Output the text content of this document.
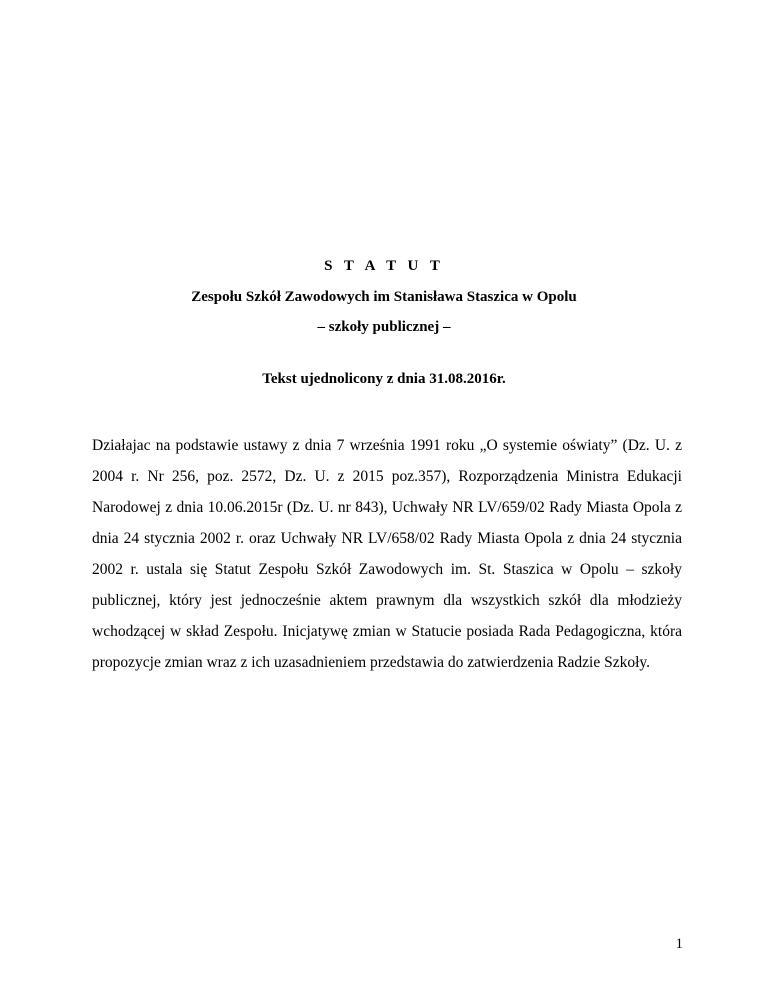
S T A T U T
Zespołu Szkół Zawodowych im Stanisława Staszica w Opolu
– szkoły publicznej –
Tekst ujednolicony z dnia 31.08.2016r.
Działajac na podstawie ustawy z dnia 7 września 1991 roku „O systemie oświaty” (Dz. U. z
2004 r. Nr 256, poz. 2572, Dz. U. z 2015 poz.357), Rozporządzenia Ministra Edukacji
Narodowej z dnia 10.06.2015r (Dz. U. nr 843), Uchwały NR LV/659/02 Rady Miasta Opola z
dnia 24 stycznia 2002 r. oraz Uchwały NR LV/658/02 Rady Miasta Opola z dnia 24 stycznia
2002 r. ustala się Statut Zespołu Szkół Zawodowych im. St. Staszica w Opolu – szkoły
publicznej, który jest jednocześnie aktem prawnym dla wszystkich szkół dla młodzieży
wchodzącej w skład Zespołu. Inicjatywę zmian w Statucie posiada Rada Pedagogiczna, która
propozycje zmian wraz z ich uzasadnieniem przedstawia do zatwierdzenia Radzie Szkoły.
1
